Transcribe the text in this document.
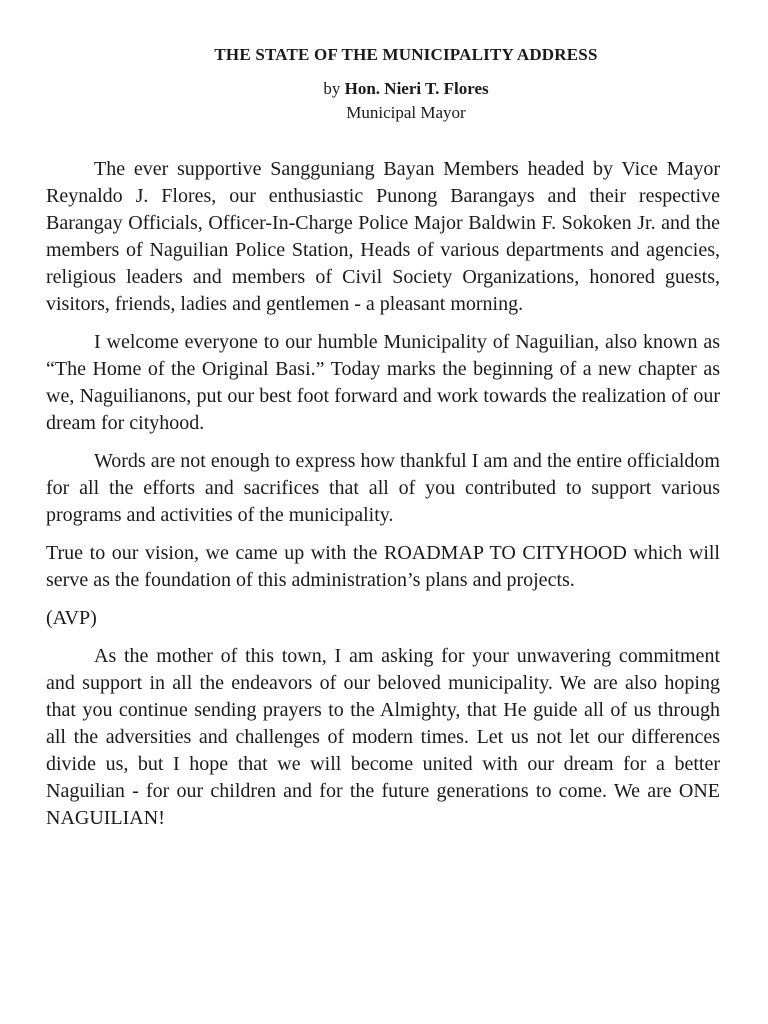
THE STATE OF THE MUNICIPALITY ADDRESS

by Hon. Nieri T. Flores

Municipal Mayor

The ever supportive Sangguniang Bayan Members headed by Vice Mayor Reynaldo J. Flores, our enthusiastic Punong Barangays and their respective Barangay Officials, Officer-In-Charge Police Major Baldwin F. Sokoken Jr. and the members of Naguilian Police Station, Heads of various departments and agencies, religious leaders and members of Civil Society Organizations, honored guests, visitors, friends, ladies and gentlemen - a pleasant morning.

I welcome everyone to our humble Municipality of Naguilian, also known as “The Home of the Original Basi.” Today marks the beginning of a new chapter as we, Naguilianons, put our best foot forward and work towards the realization of our dream for cityhood.

Words are not enough to express how thankful I am and the entire officialdom for all the efforts and sacrifices that all of you contributed to support various programs and activities of the municipality.

True to our vision, we came up with the ROADMAP TO CITYHOOD which will serve as the foundation of this administration’s plans and projects.

(AVP)

As the mother of this town, I am asking for your unwavering commitment and support in all the endeavors of our beloved municipality. We are also hoping that you continue sending prayers to the Almighty, that He guide all of us through all the adversities and challenges of modern times. Let us not let our differences divide us, but I hope that we will become united with our dream for a better Naguilian - for our children and for the future generations to come. We are ONE NAGUILIAN!
